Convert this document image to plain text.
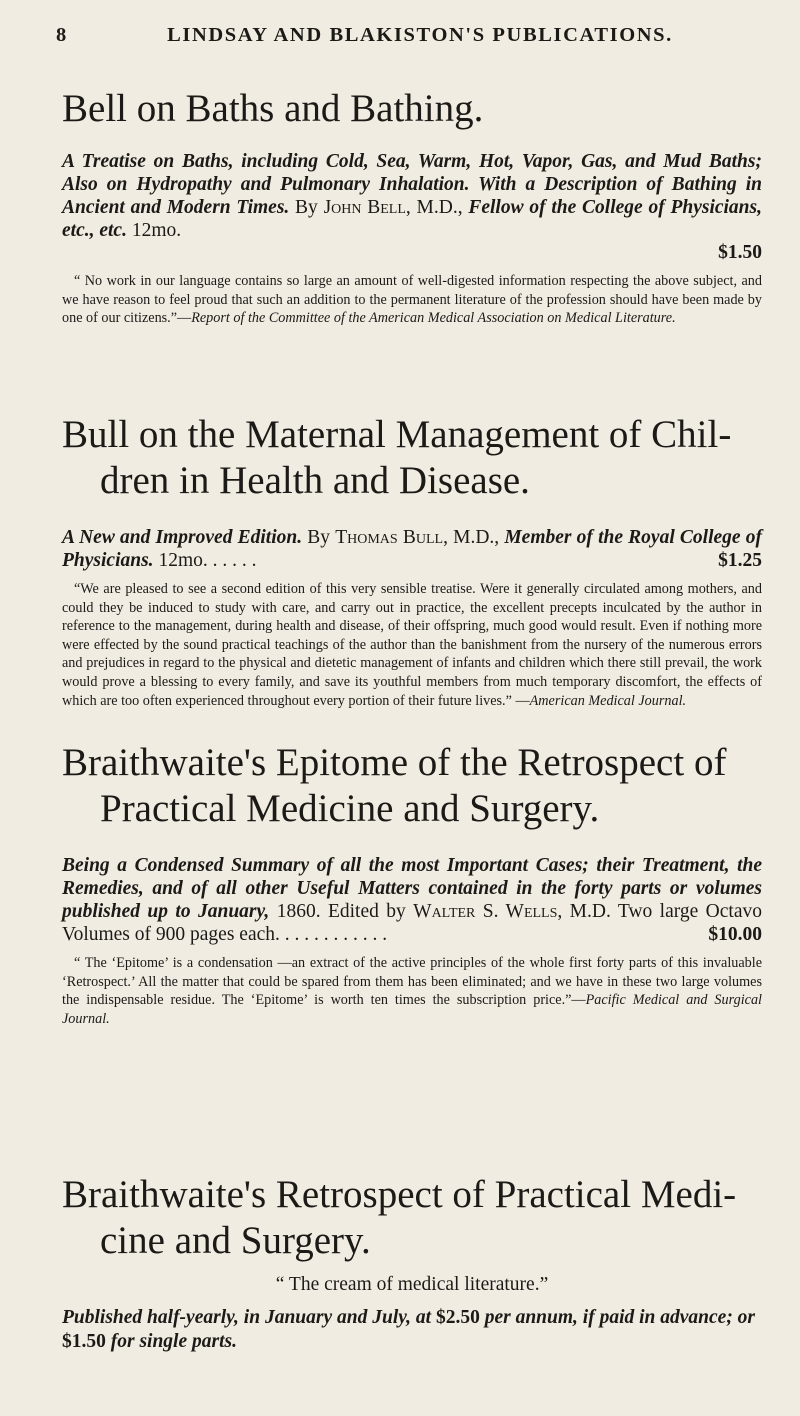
8	LINDSAY AND BLAKISTON'S PUBLICATIONS.
Bell on Baths and Bathing.

A Treatise on Baths, including Cold, Sea, Warm, Hot, Vapor, Gas, and Mud Baths; Also on Hydropathy and Pulmonary Inhalation. With a Description of Bathing in Ancient and Modern Times. By John Bell, M.D., Fellow of the College of Physicians, etc., etc. 12mo.

$1.50

“ No work in our language contains so large an amount of well-digested information respecting the above subject, and we have reason to feel proud that such an addition to the permanent literature of the profession should have been made by one of our citizens.”—Report of the Committee of the American Medical Association on Medical Literature.

Bull on the Maternal Management of Chil-
dren in Health and Disease.

A New and Improved Edition. By Thomas Bull, M.D., Member of the Royal College of Physicians. 12mo. . . . . .	$1.25

“We are pleased to see a second edition of this very sensible treatise. Were it generally circulated among mothers, and could they be induced to study with care, and carry out in practice, the excellent precepts inculcated by the author in reference to the management, during health and disease, of their offspring, much good would result. Even if nothing more were effected by the sound practical teachings of the author than the banishment from the nursery of the numerous errors and prejudices in regard to the physical and dietetic management of infants and children which there still prevail, the work would prove a blessing to every family, and save its youthful members from much temporary discomfort, the effects of which are too often experienced throughout every portion of their future lives.” —American Medical Journal.

Braithwaite's Epitome of the Retrospect of
Practical Medicine and Surgery.

Being a Condensed Summary of all the most Important Cases; their Treatment, the Remedies, and of all other Useful Matters contained in the forty parts or volumes published up to January, 1860. Edited by Walter S. Wells, M.D. Two large Octavo Volumes of 900 pages each. . . . . . . . . . . .	$10.00

“ The ‘Epitome’ is a condensation —an extract of the active principles of the whole first forty parts of this invaluable ‘Retrospect.’ All the matter that could be spared from them has been eliminated; and we have in these two large volumes the indispensable residue. The ‘Epitome’ is worth ten times the subscription price.”—Pacific Medical and Surgical Journal.

Braithwaite's Retrospect of Practical Medi-
cine and Surgery.
“ The cream of medical literature.”

Published half-yearly, in January and July, at $2.50 per annum, if paid in advance; or $1.50 for single parts.
